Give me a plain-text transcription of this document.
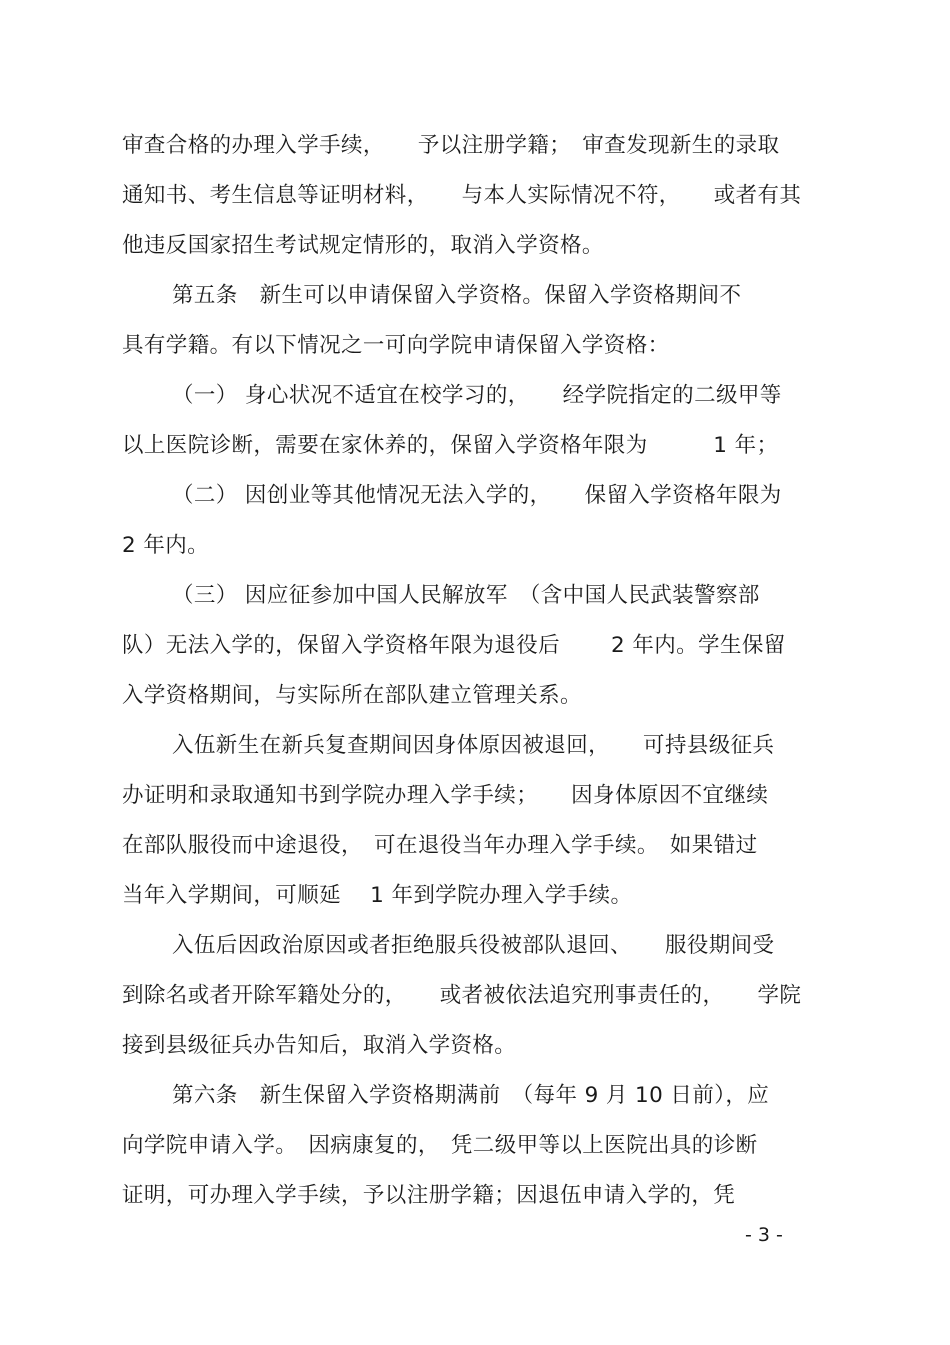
审查合格的办理入学手续，　　予以注册学籍；　审查发现新生的录取
通知书、考生信息等证明材料，　　与本人实际情况不符，　　或者有其
他违反国家招生考试规定情形的，取消入学资格。
第五条　新生可以申请保留入学资格。保留入学资格期间不
具有学籍。有以下情况之一可向学院申请保留入学资格：
（一） 身心状况不适宜在校学习的，　　经学院指定的二级甲等
以上医院诊断，需要在家休养的，保留入学资格年限为　　　1 年；
（二） 因创业等其他情况无法入学的，　　保留入学资格年限为
2 年内。
（三） 因应征参加中国人民解放军　（含中国人民武装警察部
队）无法入学的，保留入学资格年限为退役后　　 2 年内。学生保留
入学资格期间，与实际所在部队建立管理关系。
入伍新生在新兵复查期间因身体原因被退回，　　可持县级征兵
办证明和录取通知书到学院办理入学手续；　　因身体原因不宜继续
在部队服役而中途退役，　可在退役当年办理入学手续。　如果错过
当年入学期间，可顺延　 1 年到学院办理入学手续。
入伍后因政治原因或者拒绝服兵役被部队退回、　　服役期间受
到除名或者开除军籍处分的，　　或者被依法追究刑事责任的，　　学院
接到县级征兵办告知后，取消入学资格。
第六条　新生保留入学资格期满前　（每年 9 月 10 日前），应
向学院申请入学。　因病康复的，　凭二级甲等以上医院出具的诊断
证明，可办理入学手续，予以注册学籍；因退伍申请入学的，凭
- 3 -
